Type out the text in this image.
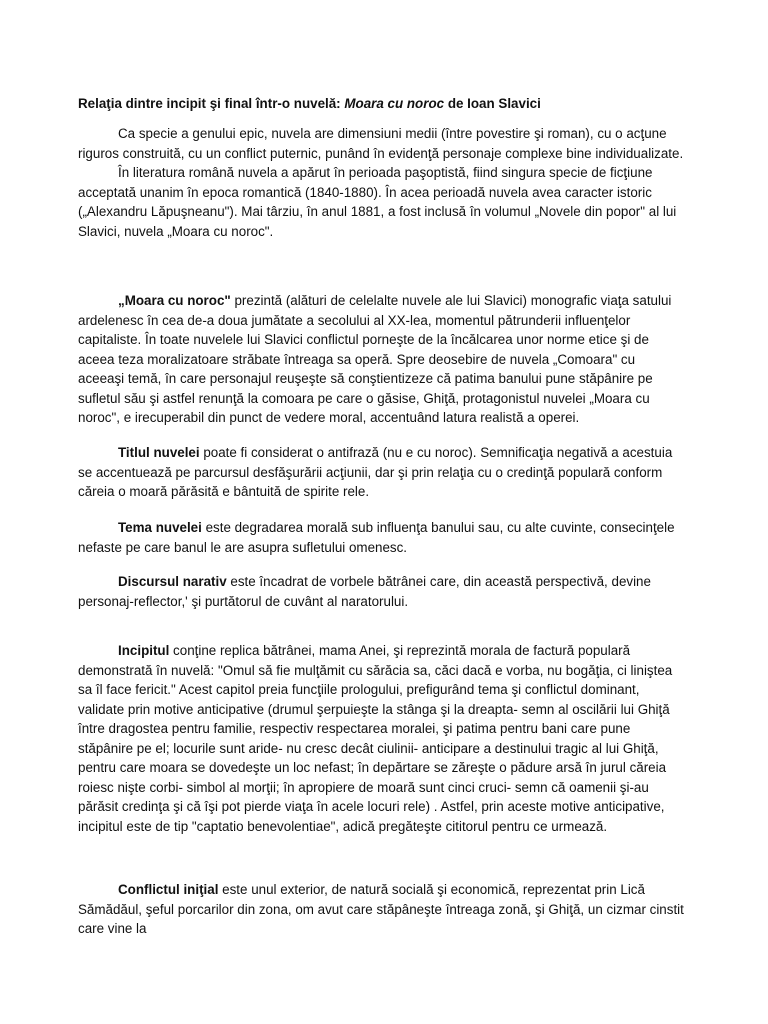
Relaţia dintre incipit şi final într-o nuvelă: Moara cu noroc de Ioan Slavici

Ca specie a genului epic, nuvela are dimensiuni medii (între povestire şi roman), cu o acţune riguros construită, cu un conflict puternic, punând în evidenţă personaje complexe bine individualizate.

În literatura română nuvela a apărut în perioada paşoptistă, fiind singura specie de ficţiune acceptată unanim în epoca romantică (1840-1880). În acea perioadă nuvela avea caracter istoric („Alexandru Lăpuşneanu"). Mai târziu, în anul 1881, a fost inclusă în volumul „Novele din popor" al lui Slavici, nuvela „Moara cu noroc".

„Moara cu noroc" prezintă (alături de celelalte nuvele ale lui Slavici) monografic viaţa satului ardelenesc în cea de-a doua jumătate a secolului al XX-lea, momentul pătrunderii influenţelor capitaliste. În toate nuvelele lui Slavici conflictul porneşte de la încălcarea unor norme etice şi de aceea teza moralizatoare străbate întreaga sa operă. Spre deosebire de nuvela „Comoara" cu aceeaşi temă, în care personajul reuşeşte să conştientizeze că patima banului pune stăpânire pe sufletul său şi astfel renunţă la comoara pe care o găsise, Ghiţă, protagonistul nuvelei „Moara cu noroc", e irecuperabil din punct de vedere moral, accentuând latura realistă a operei.

Titlul nuvelei poate fi considerat o antifrază (nu e cu noroc). Semnificaţia negativă a acestuia se accentuează pe parcursul desfăşurării acţiunii, dar şi prin relaţia cu o credinţă populară conform căreia o moară părăsită e bântuită de spirite rele.

Tema nuvelei este degradarea morală sub influenţa banului sau, cu alte cuvinte, consecinţele nefaste pe care banul le are asupra sufletului omenesc.

Discursul narativ este încadrat de vorbele bătrânei care, din această perspectivă, devine personaj-reflector,' şi purtătorul de cuvânt al naratorului.

Incipitul conţine replica bătrânei, mama Anei, şi reprezintă morala de factură populară demonstrată în nuvelă: "Omul să fie mulţămit cu sărăcia sa, căci dacă e vorba, nu bogăţia, ci liniştea sa îl face fericit." Acest capitol preia funcţiile prologului, prefigurând tema şi conflictul dominant, validate prin motive anticipative (drumul şerpuieşte la stânga şi la dreapta- semn al oscilării lui Ghiţă între dragostea pentru familie, respectiv respectarea moralei, şi patima pentru bani care pune stăpânire pe el; locurile sunt aride- nu cresc decât ciulinii- anticipare a destinului tragic al lui Ghiţă, pentru care moara se dovedeşte un loc nefast; în depărtare se zăreşte o pădure arsă în jurul căreia roiesc nişte corbi- simbol al morţii; în apropiere de moară sunt cinci cruci- semn că oamenii şi-au părăsit credinţa şi că îşi pot pierde viaţa în acele locuri rele) . Astfel, prin aceste motive anticipative, incipitul este de tip "captatio benevolentiae", adică pregăteşte cititorul pentru ce urmează.

Conflictul iniţial este unul exterior, de natură socială şi economică, reprezentat prin Lică Sămădăul, şeful porcarilor din zona, om avut care stăpâneşte întreaga zonă, şi Ghiţă, un cizmar cinstit care vine la
